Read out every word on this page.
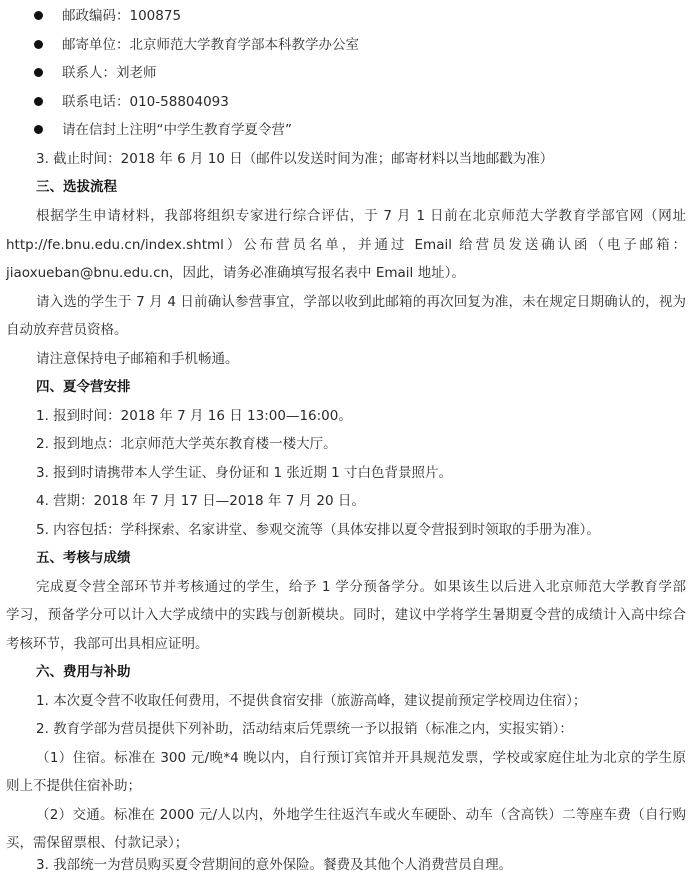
邮政编码：100875
邮寄单位：北京师范大学教育学部本科教学办公室
联系人：刘老师
联系电话：010-58804093
请在信封上注明“中学生教育学夏令营”
3. 截止时间：2018 年 6 月 10 日（邮件以发送时间为准；邮寄材料以当地邮戳为准）
三、选拔流程
根据学生申请材料，我部将组织专家进行综合评估，于 7 月 1 日前在北京师范大学教育学部官网（网址
http://fe.bnu.edu.cn/index.shtml）公布营员名单，并通过 Email 给营员发送确认函（电子邮箱：
jiaoxueban@bnu.edu.cn，因此，请务必准确填写报名表中 Email 地址）。
请入选的学生于 7 月 4 日前确认参营事宜，学部以收到此邮箱的再次回复为准，未在规定日期确认的，视为
自动放弃营员资格。
请注意保持电子邮箱和手机畅通。
四、夏令营安排
1. 报到时间：2018 年 7 月 16 日 13:00—16:00。
2. 报到地点：北京师范大学英东教育楼一楼大厅。
3. 报到时请携带本人学生证、身份证和 1 张近期 1 寸白色背景照片。
4. 营期：2018 年 7 月 17 日—2018 年 7 月 20 日。
5. 内容包括：学科探索、名家讲堂、参观交流等（具体安排以夏令营报到时领取的手册为准）。
五、考核与成绩
完成夏令营全部环节并考核通过的学生，给予 1 学分预备学分。如果该生以后进入北京师范大学教育学部
学习，预备学分可以计入大学成绩中的实践与创新模块。同时，建议中学将学生暑期夏令营的成绩计入高中综合
考核环节，我部可出具相应证明。
六、费用与补助
1. 本次夏令营不收取任何费用，不提供食宿安排（旅游高峰，建议提前预定学校周边住宿）；
2. 教育学部为营员提供下列补助，活动结束后凭票统一予以报销（标准之内，实报实销）：
（1）住宿。标准在 300 元/晚*4 晚以内，自行预订宾馆并开具规范发票，学校或家庭住址为北京的学生原
则上不提供住宿补助；
（2）交通。标准在 2000 元/人以内，外地学生往返汽车或火车硬卧、动车（含高铁）二等座车费（自行购
买，需保留票根、付款记录）；
3. 我部统一为营员购买夏令营期间的意外保险。餐费及其他个人消费营员自理。
